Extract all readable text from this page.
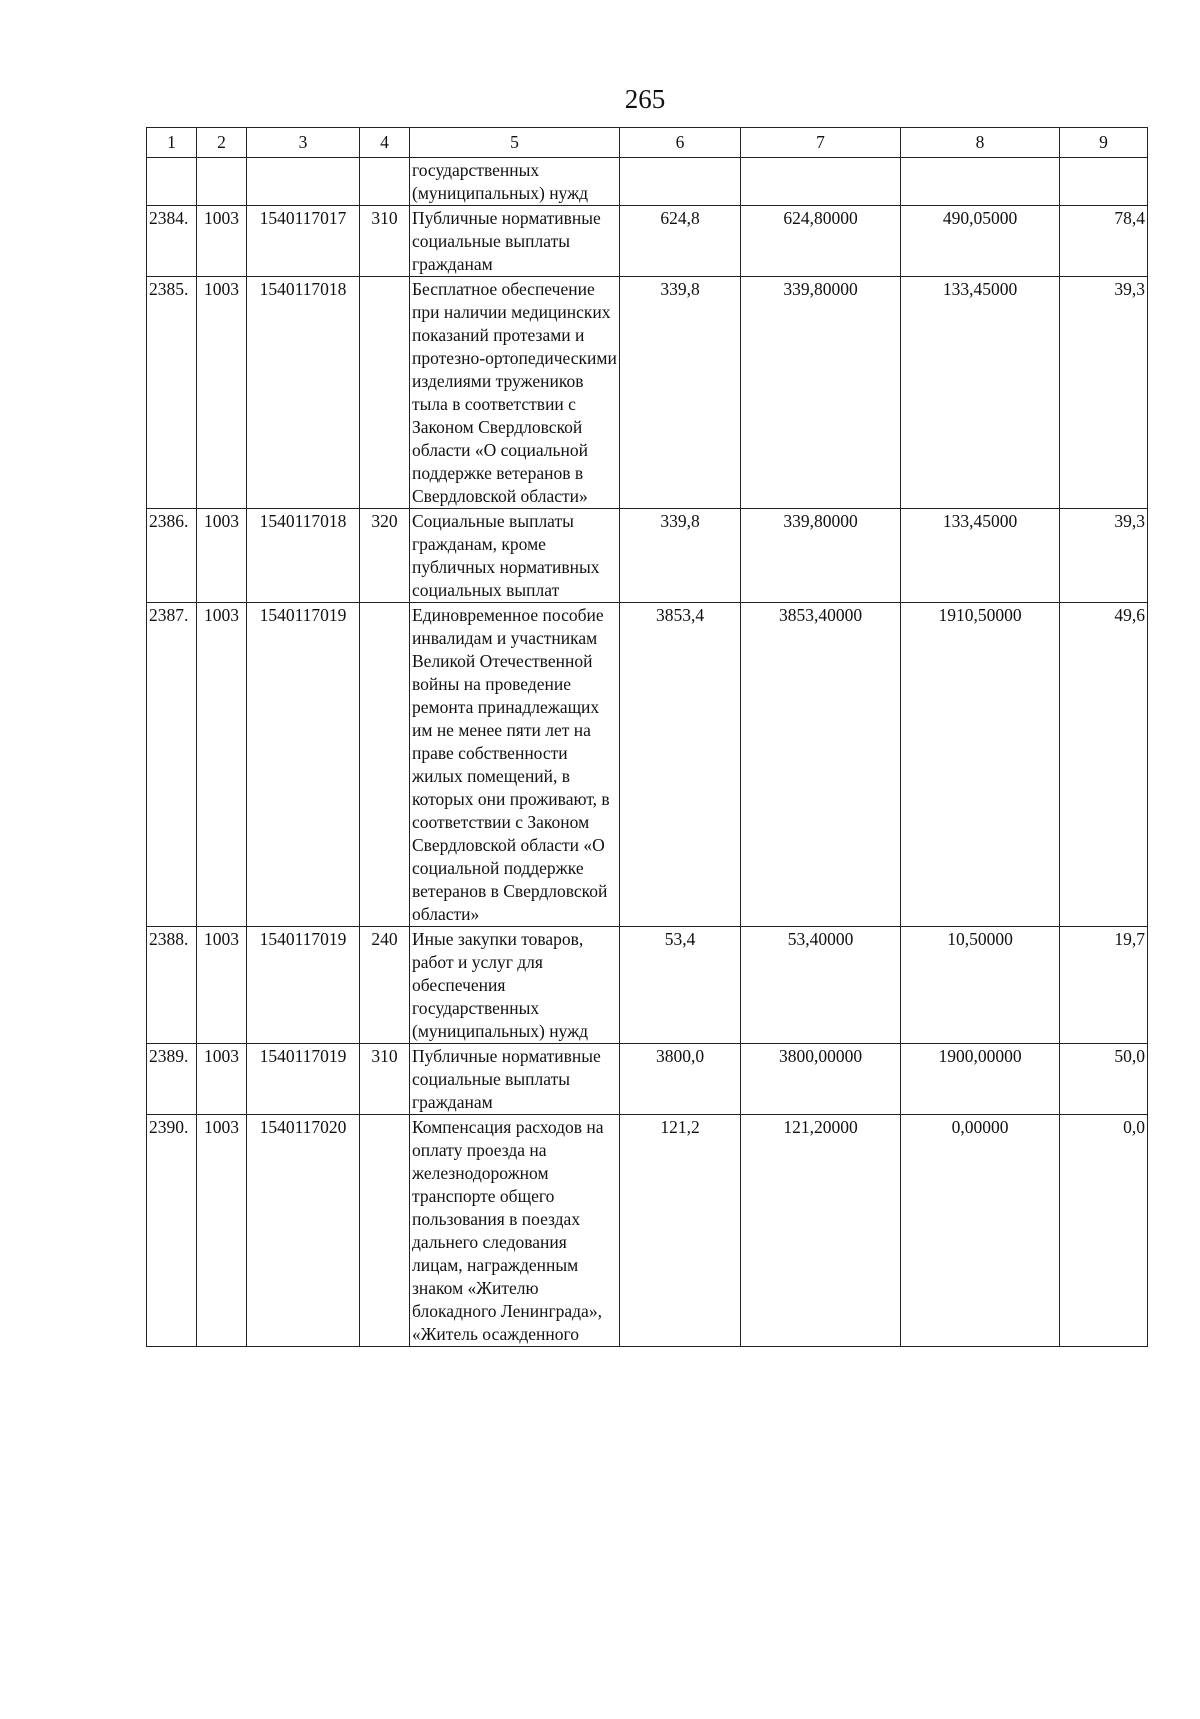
265
1	2	3	4	5	6	7	8	9
				государственных (муниципальных) нужд				
2384.	1003	1540117017	310	Публичные нормативные социальные выплаты гражданам	624,8	624,80000	490,05000	78,4
2385.	1003	1540117018		Бесплатное обеспечение при наличии медицинских показаний протезами и протезно-ортопедическими изделиями тружеников тыла в соответствии с Законом Свердловской области «О социальной поддержке ветеранов в Свердловской области»	339,8	339,80000	133,45000	39,3
2386.	1003	1540117018	320	Социальные выплаты гражданам, кроме публичных нормативных социальных выплат	339,8	339,80000	133,45000	39,3
2387.	1003	1540117019		Единовременное пособие инвалидам и участникам Великой Отечественной войны на проведение ремонта принадлежащих им не менее пяти лет на праве собственности жилых помещений, в которых они проживают, в соответствии с Законом Свердловской области «О социальной поддержке ветеранов в Свердловской области»	3853,4	3853,40000	1910,50000	49,6
2388.	1003	1540117019	240	Иные закупки товаров, работ и услуг для обеспечения государственных (муниципальных) нужд	53,4	53,40000	10,50000	19,7
2389.	1003	1540117019	310	Публичные нормативные социальные выплаты гражданам	3800,0	3800,00000	1900,00000	50,0
2390.	1003	1540117020		Компенсация расходов на оплату проезда на железнодорожном транспорте общего пользования в поездах дальнего следования лицам, награжденным знаком «Жителю блокадного Ленинграда», «Житель осажденного	121,2	121,20000	0,00000	0,0
